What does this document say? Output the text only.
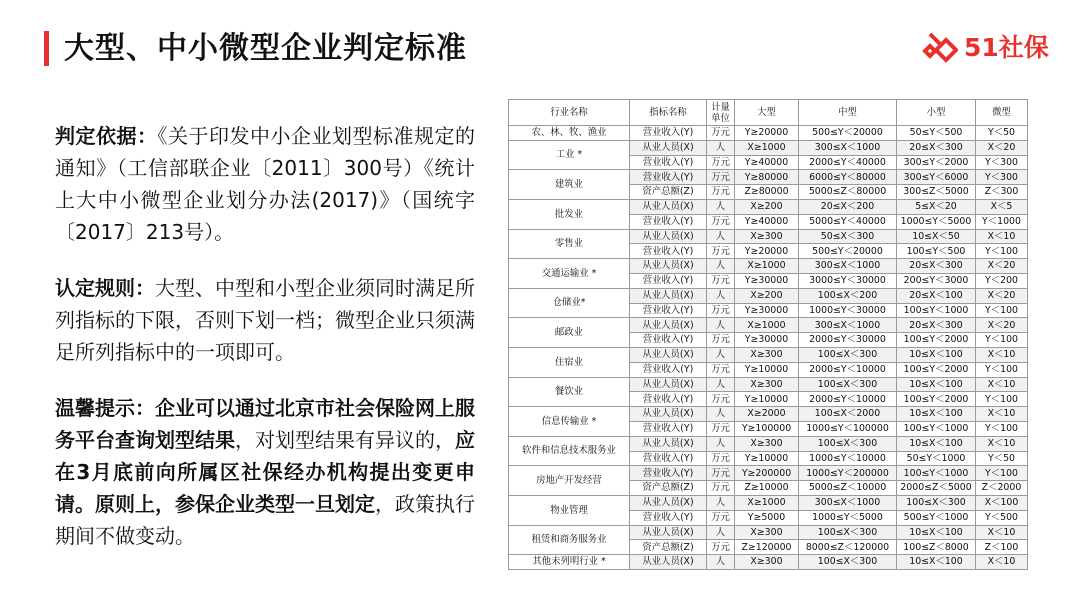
大型、中小微型企业判定标准	51社保

判定依据：《关于印发中小企业划型标准规定的通知》（工信部联企业〔2011〕300号）《统计上大中小微型企业划分办法(2017)》（国统字〔2017〕213号）。

认定规则：大型、中型和小型企业须同时满足所列指标的下限，否则下划一档；微型企业只须满足所列指标中的一项即可。

温馨提示：企业可以通过北京市社会保险网上服务平台查询划型结果，对划型结果有异议的，应在3月底前向所属区社保经办机构提出变更申请。原则上，参保企业类型一旦划定，政策执行期间不做变动。

行业名称	指标名称	计量单位	大型	中型	小型	微型
农、林、牧、渔业	营业收入(Y)	万元	Y≥20000	500≤Y＜20000	50≤Y＜500	Y＜50
工业 *	从业人员(X)	人	X≥1000	300≤X＜1000	20≤X＜300	X＜20
	营业收入(Y)	万元	Y≥40000	2000≤Y＜40000	300≤Y＜2000	Y＜300
建筑业	营业收入(Y)	万元	Y≥80000	6000≤Y＜80000	300≤Y＜6000	Y＜300
	资产总额(Z)	万元	Z≥80000	5000≤Z＜80000	300≤Z＜5000	Z＜300
批发业	从业人员(X)	人	X≥200	20≤X＜200	5≤X＜20	X＜5
	营业收入(Y)	万元	Y≥40000	5000≤Y＜40000	1000≤Y＜5000	Y＜1000
零售业	从业人员(X)	人	X≥300	50≤X＜300	10≤X＜50	X＜10
	营业收入(Y)	万元	Y≥20000	500≤Y＜20000	100≤Y＜500	Y＜100
交通运输业 *	从业人员(X)	人	X≥1000	300≤X＜1000	20≤X＜300	X＜20
	营业收入(Y)	万元	Y≥30000	3000≤Y＜30000	200≤Y＜3000	Y＜200
仓储业*	从业人员(X)	人	X≥200	100≤X＜200	20≤X＜100	X＜20
	营业收入(Y)	万元	Y≥30000	1000≤Y＜30000	100≤Y＜1000	Y＜100
邮政业	从业人员(X)	人	X≥1000	300≤X＜1000	20≤X＜300	X＜20
	营业收入(Y)	万元	Y≥30000	2000≤Y＜30000	100≤Y＜2000	Y＜100
住宿业	从业人员(X)	人	X≥300	100≤X＜300	10≤X＜100	X＜10
	营业收入(Y)	万元	Y≥10000	2000≤Y＜10000	100≤Y＜2000	Y＜100
餐饮业	从业人员(X)	人	X≥300	100≤X＜300	10≤X＜100	X＜10
	营业收入(Y)	万元	Y≥10000	2000≤Y＜10000	100≤Y＜2000	Y＜100
信息传输业 *	从业人员(X)	人	X≥2000	100≤X＜2000	10≤X＜100	X＜10
	营业收入(Y)	万元	Y≥100000	1000≤Y＜100000	100≤Y＜1000	Y＜100
软件和信息技术服务业	从业人员(X)	人	X≥300	100≤X＜300	10≤X＜100	X＜10
	营业收入(Y)	万元	Y≥10000	1000≤Y＜10000	50≤Y＜1000	Y＜50
房地产开发经营	营业收入(Y)	万元	Y≥200000	1000≤Y＜200000	100≤Y＜1000	Y＜100
	资产总额(Z)	万元	Z≥10000	5000≤Z＜10000	2000≤Z＜5000	Z＜2000
物业管理	从业人员(X)	人	X≥1000	300≤X＜1000	100≤X＜300	X＜100
	营业收入(Y)	万元	Y≥5000	1000≤Y＜5000	500≤Y＜1000	Y＜500
租赁和商务服务业	从业人员(X)	人	X≥300	100≤X＜300	10≤X＜100	X＜10
	资产总额(Z)	万元	Z≥120000	8000≤Z＜120000	100≤Z＜8000	Z＜100
其他未列明行业 *	从业人员(X)	人	X≥300	100≤X＜300	10≤X＜100	X＜10
